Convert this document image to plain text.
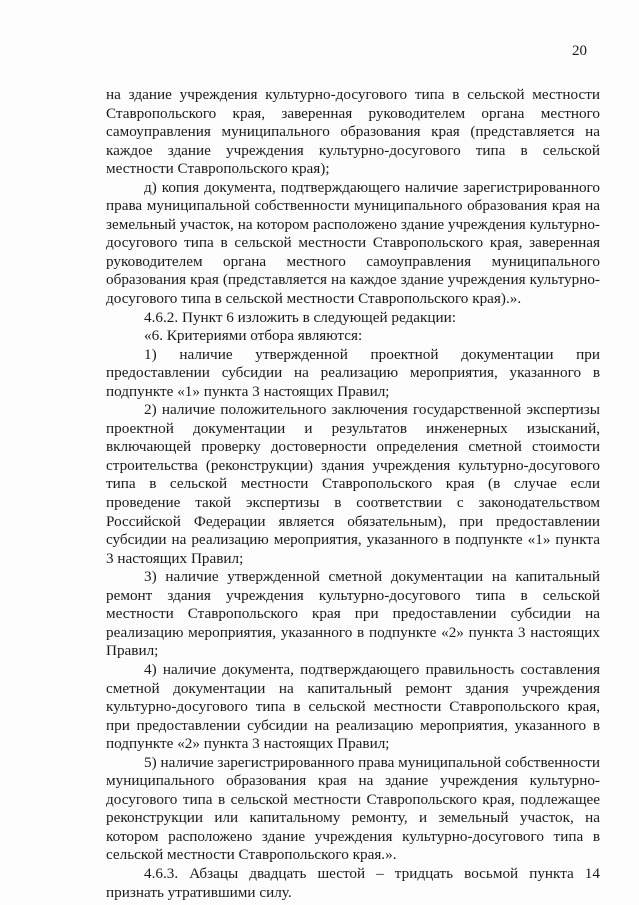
20

на здание учреждения культурно-досугового типа в сельской местности Ставропольского края, заверенная руководителем органа местного самоуправления муниципального образования края (представляется на каждое здание учреждения культурно-досугового типа в сельской местности Ставропольского края);

д) копия документа, подтверждающего наличие зарегистрированного права муниципальной собственности муниципального образования края на земельный участок, на котором расположено здание учреждения культурно-досугового типа в сельской местности Ставропольского края, заверенная руководителем органа местного самоуправления муниципального образования края (представляется на каждое здание учреждения культурно-досугового типа в сельской местности Ставропольского края).».

4.6.2. Пункт 6 изложить в следующей редакции:

«6. Критериями отбора являются:

1) наличие утвержденной проектной документации при предоставлении субсидии на реализацию мероприятия, указанного в подпункте «1» пункта 3 настоящих Правил;

2) наличие положительного заключения государственной экспертизы проектной документации и результатов инженерных изысканий, включающей проверку достоверности определения сметной стоимости строительства (реконструкции) здания учреждения культурно-досугового типа в сельской местности Ставропольского края (в случае если проведение такой экспертизы в соответствии с законодательством Российской Федерации является обязательным), при предоставлении субсидии на реализацию мероприятия, указанного в подпункте «1» пункта 3 настоящих Правил;

3) наличие утвержденной сметной документации на капитальный ремонт здания учреждения культурно-досугового типа в сельской местности Ставропольского края при предоставлении субсидии на реализацию мероприятия, указанного в подпункте «2» пункта 3 настоящих Правил;

4) наличие документа, подтверждающего правильность составления сметной документации на капитальный ремонт здания учреждения культурно-досугового типа в сельской местности Ставропольского края, при предоставлении субсидии на реализацию мероприятия, указанного в подпункте «2» пункта 3 настоящих Правил;

5) наличие зарегистрированного права муниципальной собственности муниципального образования края на здание учреждения культурно-досугового типа в сельской местности Ставропольского края, подлежащее реконструкции или капитальному ремонту, и земельный участок, на котором расположено здание учреждения культурно-досугового типа в сельской местности Ставропольского края.».

4.6.3. Абзацы двадцать шестой – тридцать восьмой пункта 14 признать утратившими силу.
